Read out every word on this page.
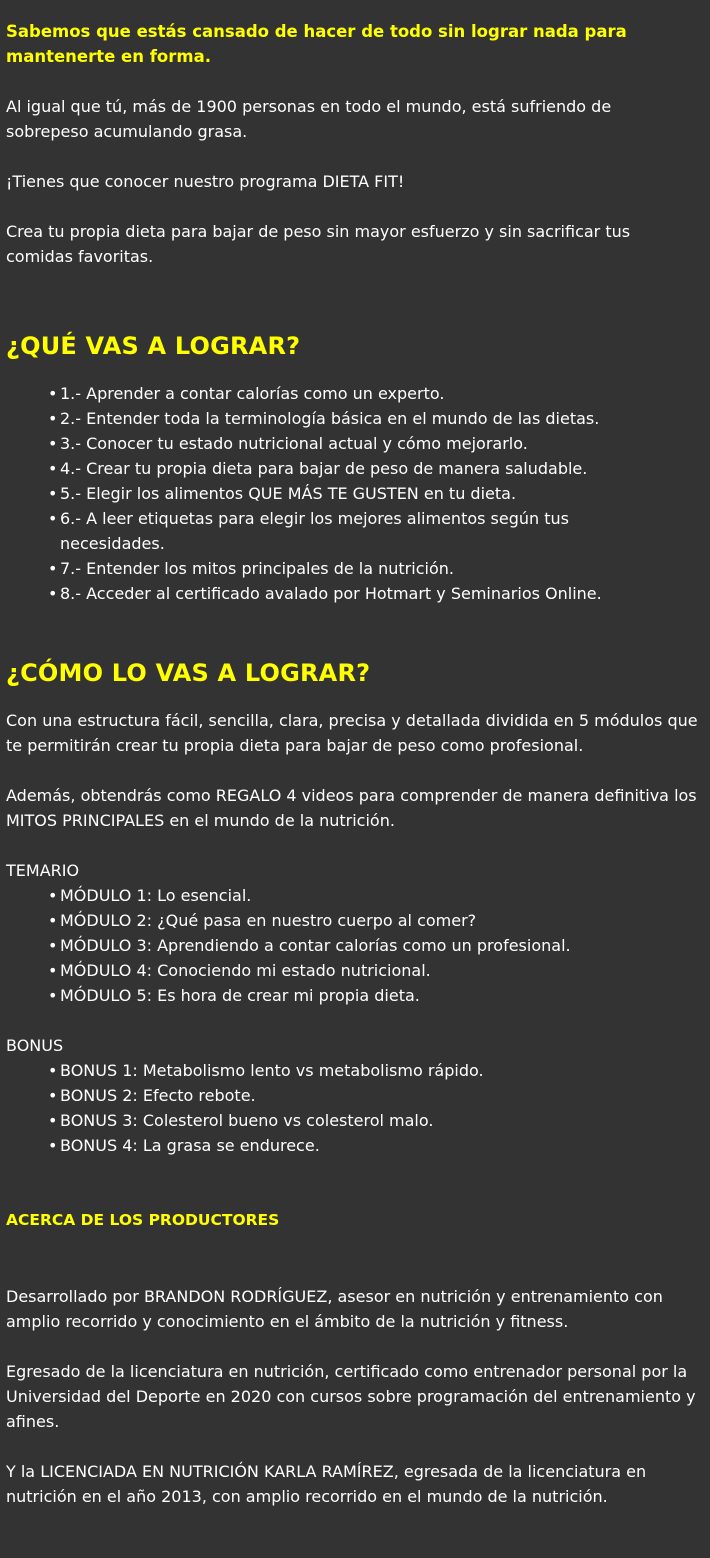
Sabemos que estás cansado de hacer de todo sin lograr nada para mantenerte en forma.

Al igual que tú, más de 1900 personas en todo el mundo, está sufriendo de sobrepeso acumulando grasa.

¡Tienes que conocer nuestro programa DIETA FIT!

Crea tu propia dieta para bajar de peso sin mayor esfuerzo y sin sacrificar tus comidas favoritas.

¿QUÉ VAS A LOGRAR?
• 1.- Aprender a contar calorías como un experto.
• 2.- Entender toda la terminología básica en el mundo de las dietas.
• 3.- Conocer tu estado nutricional actual y cómo mejorarlo.
• 4.- Crear tu propia dieta para bajar de peso de manera saludable.
• 5.- Elegir los alimentos QUE MÁS TE GUSTEN en tu dieta.
• 6.- A leer etiquetas para elegir los mejores alimentos según tus necesidades.
• 7.- Entender los mitos principales de la nutrición.
• 8.- Acceder al certificado avalado por Hotmart y Seminarios Online.
¿CÓMO LO VAS A LOGRAR?

Con una estructura fácil, sencilla, clara, precisa y detallada dividida en 5 módulos que te permitirán crear tu propia dieta para bajar de peso como profesional.

Además, obtendrás como REGALO 4 videos para comprender de manera definitiva los MITOS PRINCIPALES en el mundo de la nutrición.

TEMARIO

• MÓDULO 1: Lo esencial.
• MÓDULO 2: ¿Qué pasa en nuestro cuerpo al comer?
• MÓDULO 3: Aprendiendo a contar calorías como un profesional.
• MÓDULO 4: Conociendo mi estado nutricional.
• MÓDULO 5: Es hora de crear mi propia dieta.

BONUS

• BONUS 1: Metabolismo lento vs metabolismo rápido.
• BONUS 2: Efecto rebote.
• BONUS 3: Colesterol bueno vs colesterol malo.
• BONUS 4: La grasa se endurece.

ACERCA DE LOS PRODUCTORES

Desarrollado por BRANDON RODRÍGUEZ, asesor en nutrición y entrenamiento con amplio recorrido y conocimiento en el ámbito de la nutrición y fitness.

Egresado de la licenciatura en nutrición, certificado como entrenador personal por la Universidad del Deporte en 2020 con cursos sobre programación del entrenamiento y afines.

Y la LICENCIADA EN NUTRICIÓN KARLA RAMÍREZ, egresada de la licenciatura en nutrición en el año 2013, con amplio recorrido en el mundo de la nutrición.
